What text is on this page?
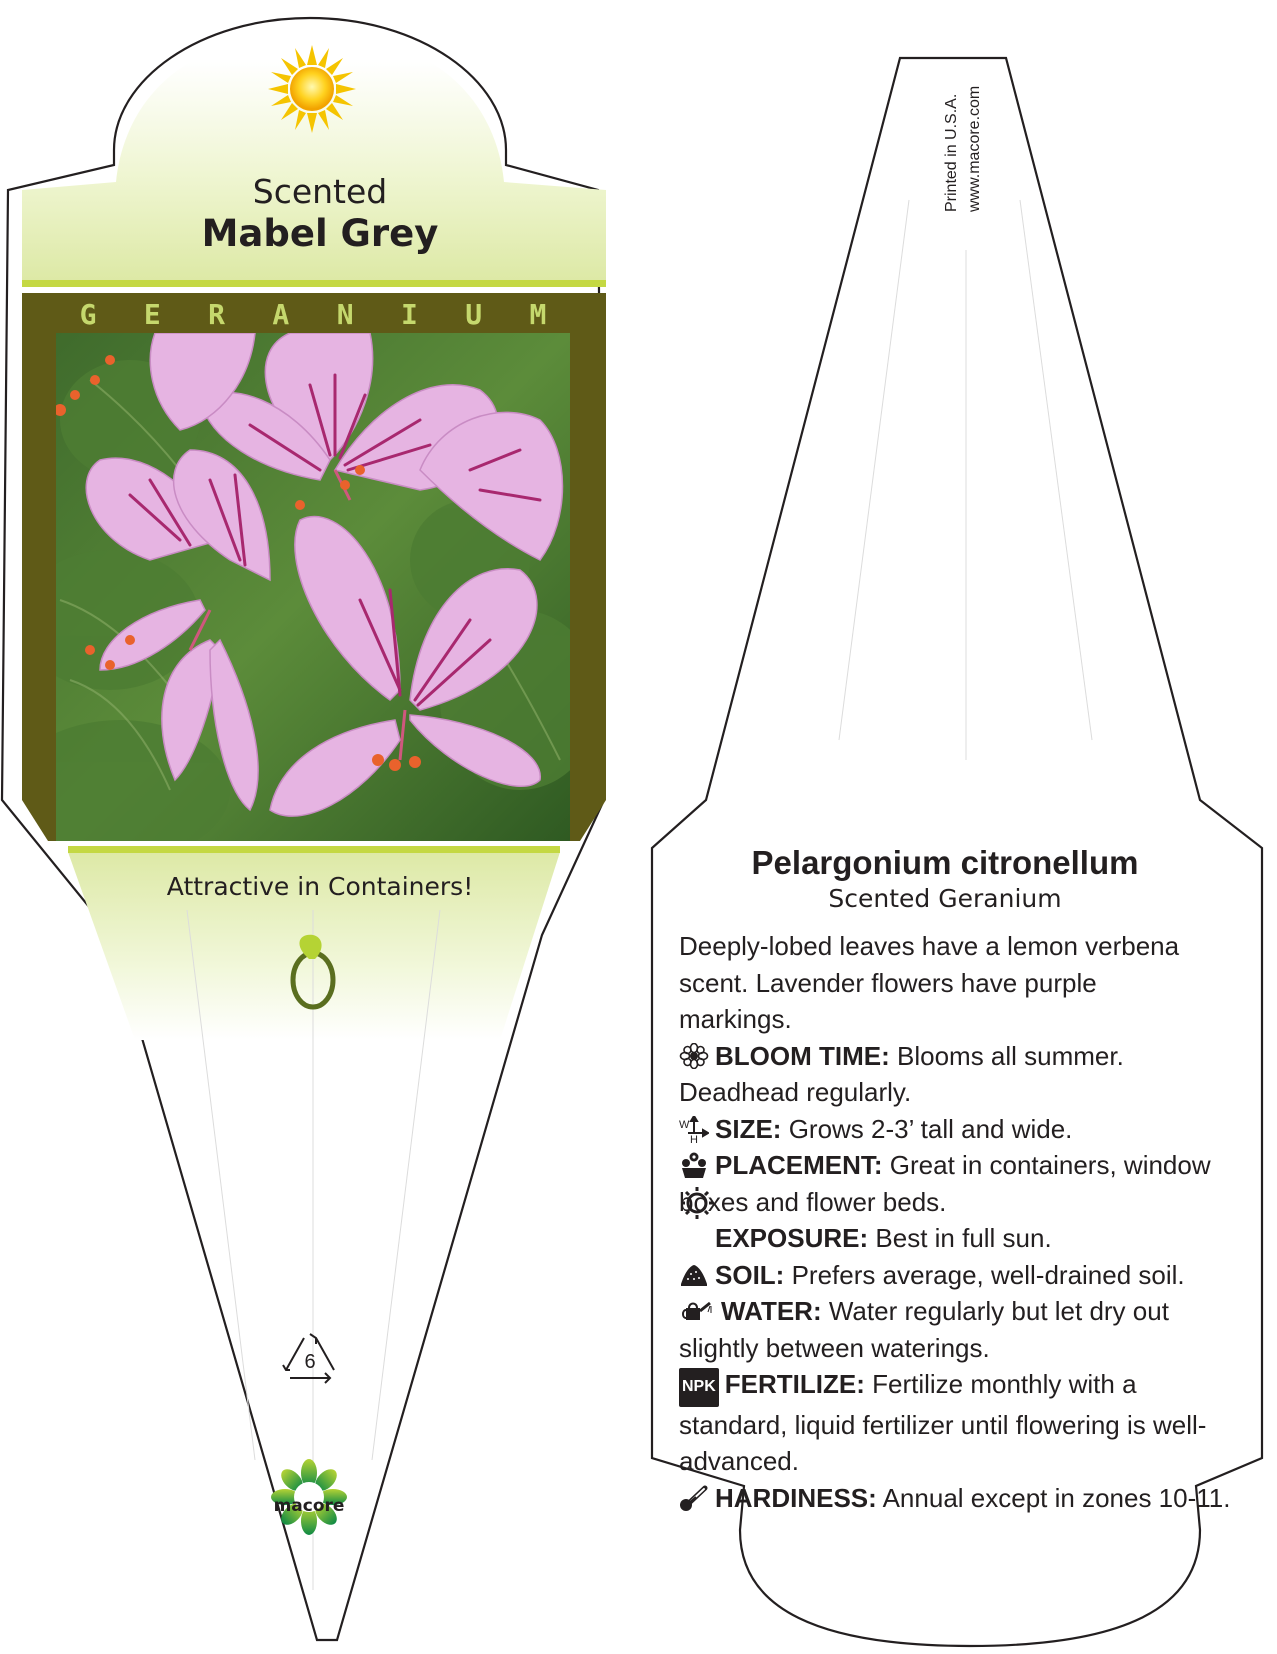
Scented
Mabel Grey
G E R A N I U M
Attractive in Containers!
6
macore
Printed in U.S.A. www.macore.com
Pelargonium citronellum
Scented Geranium

Deeply-lobed leaves have a lemon verbena scent. Lavender flowers have purple markings.

BLOOM TIME: Blooms all summer. Deadhead regularly.

W
H SIZE: Grows 2-3’ tall and wide.

PLACEMENT: Great in containers, window boxes and flower beds.

EXPOSURE: Best in full sun.

SOIL: Prefers average, well-drained soil.

WATER: Water regularly but let dry out slightly between waterings.

NPK FERTILIZE: Fertilize monthly with a standard, liquid fertilizer until flowering is well-advanced.

HARDINESS: Annual except in zones 10-11.
